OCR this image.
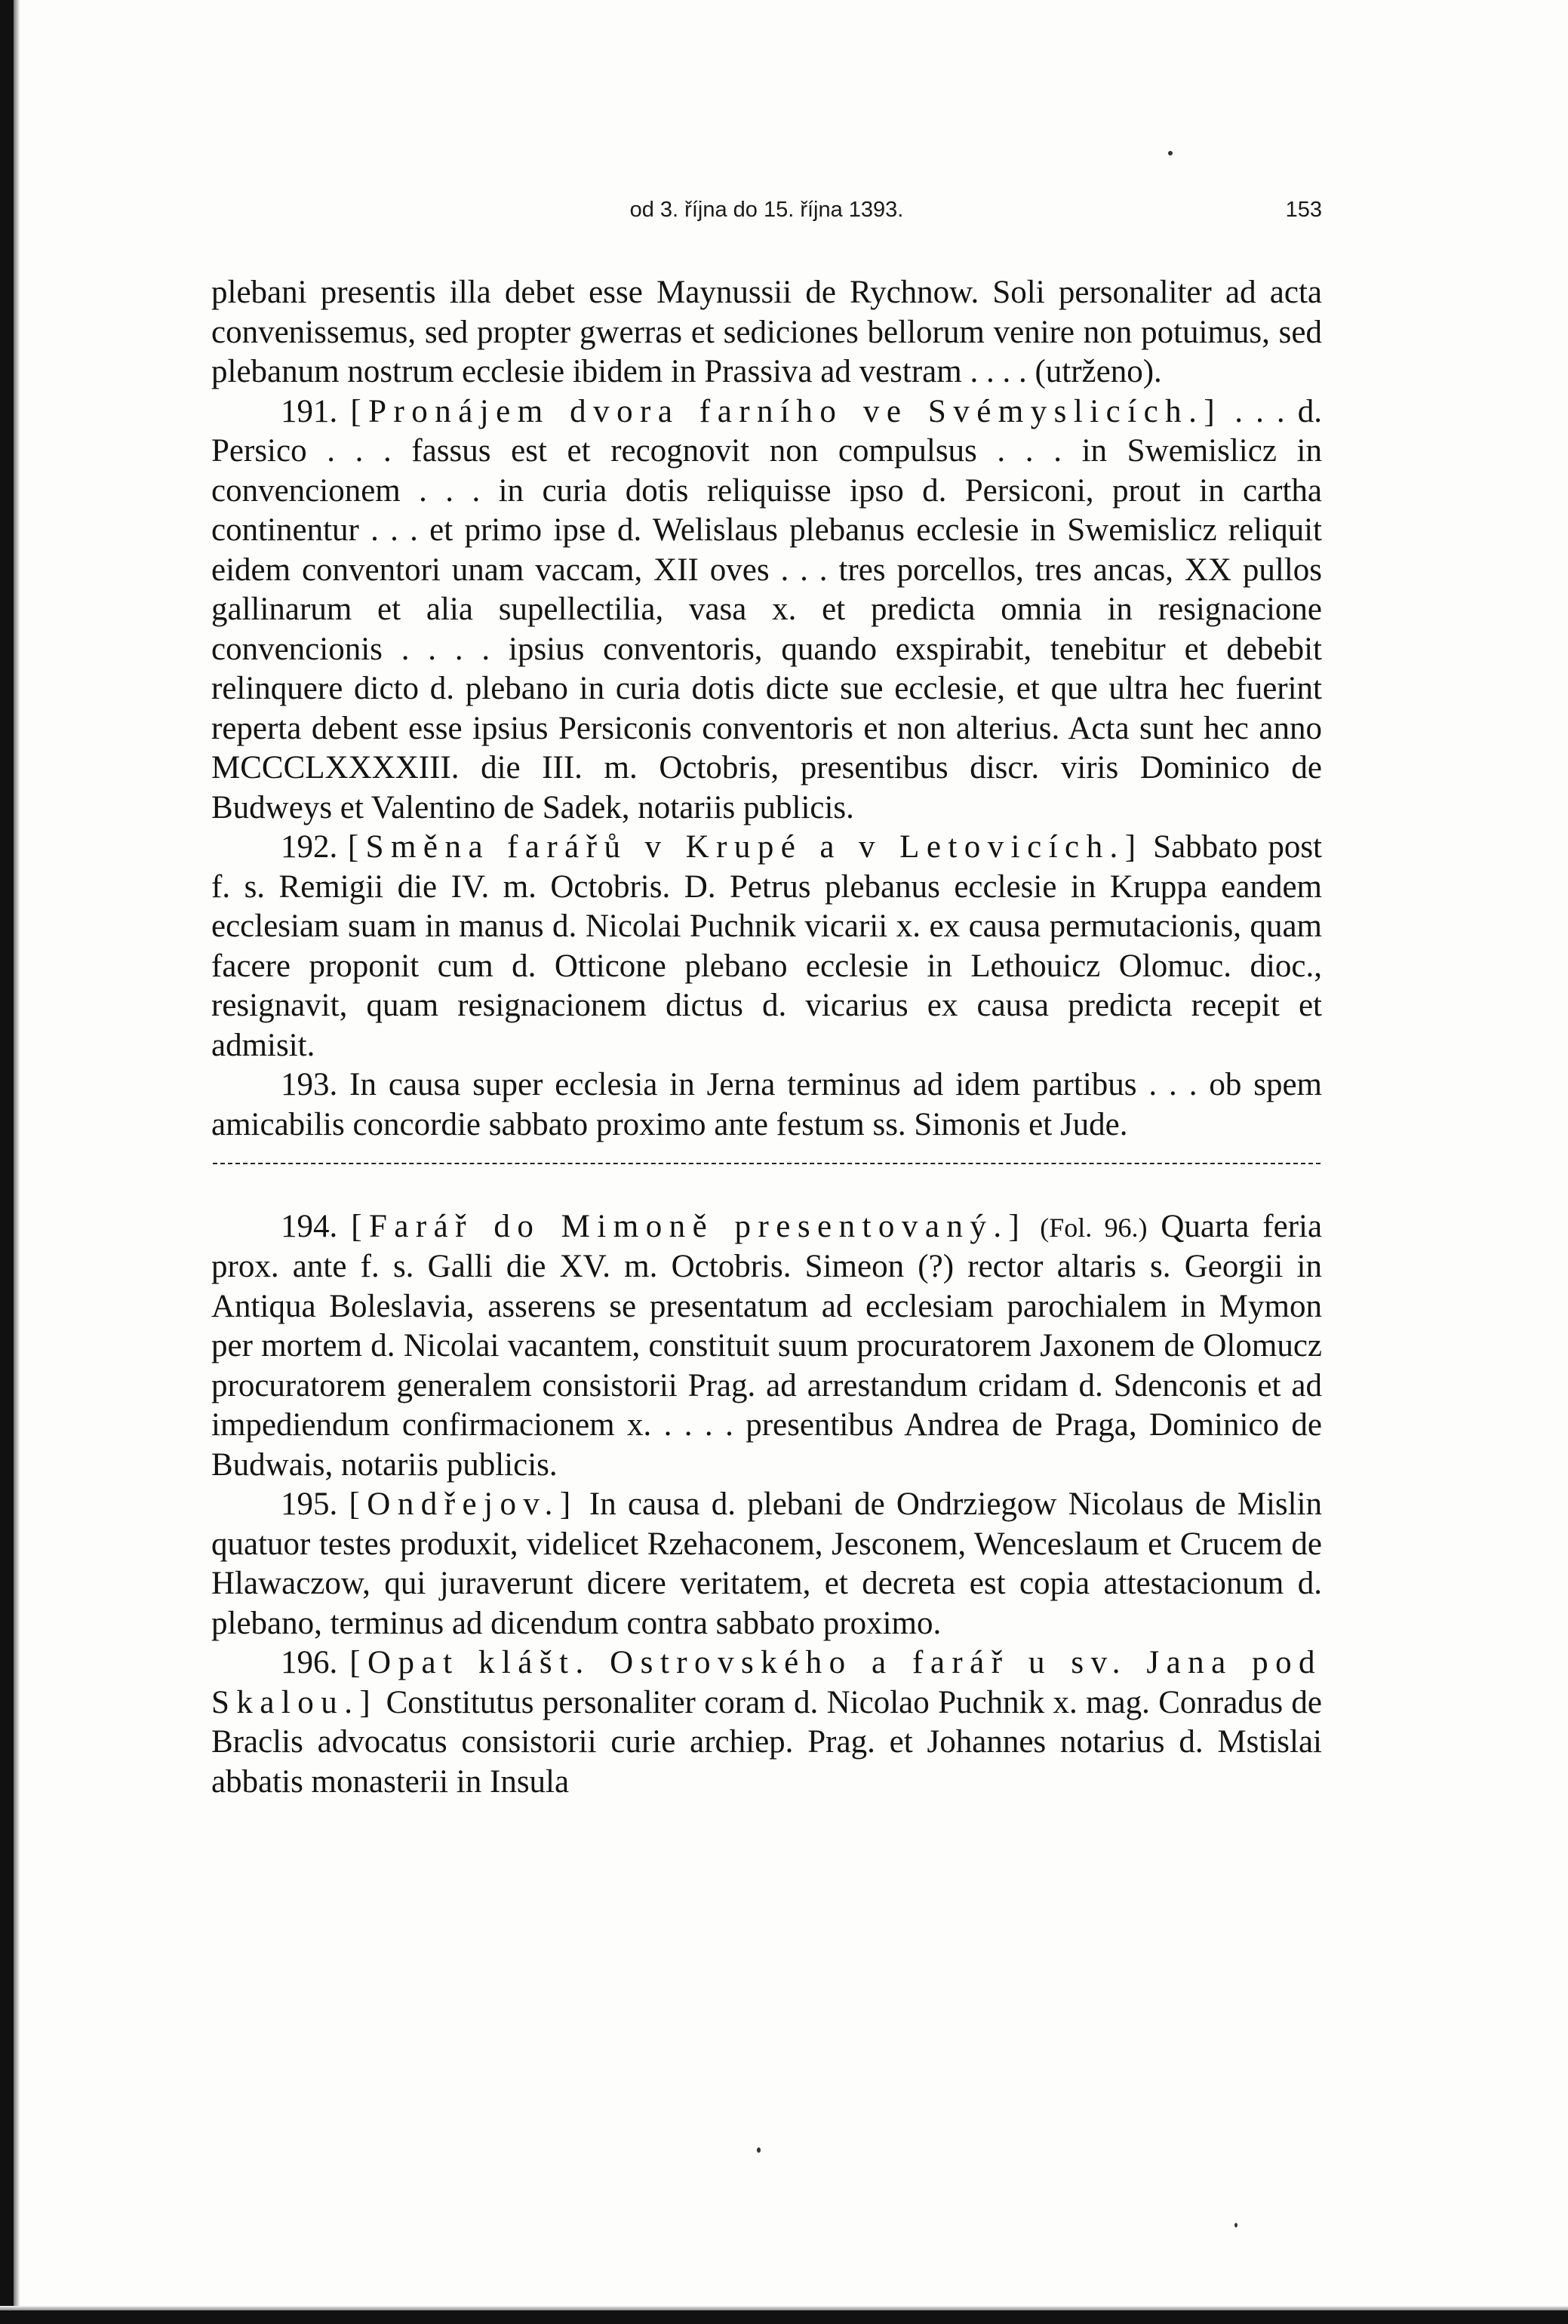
od 3. října do 15. října 1393.	153

plebani presentis illa debet esse Maynussii de Rychnow. Soli personaliter ad acta convenissemus, sed propter gwerras et sediciones bellorum venire non potuimus, sed plebanum nostrum ecclesie ibidem in Prassiva ad vestram . . . . (utrženo).

191. [Pronájem dvora farního ve Svémyslicích.] . . . d. Persico . . . fassus est et recognovit non compulsus . . . in Swemislicz in convencionem . . . in curia dotis reliquisse ipso d. Persiconi, prout in cartha continentur . . . et primo ipse d. Welislaus plebanus ecclesie in Swemislicz reliquit eidem conventori unam vaccam, XII oves . . . tres porcellos, tres ancas, XX pullos gallinarum et alia supellectilia, vasa x. et predicta omnia in resignacione convencionis . . . . ipsius conventoris, quando exspirabit, tenebitur et debebit relinquere dicto d. plebano in curia dotis dicte sue ecclesie, et que ultra hec fuerint reperta debent esse ipsius Persiconis conventoris et non alterius. Acta sunt hec anno MCCCLXXXXIII. die III. m. Octobris, presentibus discr. viris Dominico de Budweys et Valentino de Sadek, notariis publicis.

192. [Směna farářů v Krupé a v Letovicích.] Sabbato post f. s. Remigii die IV. m. Octobris. D. Petrus plebanus ecclesie in Kruppa eandem ecclesiam suam in manus d. Nicolai Puchnik vicarii x. ex causa permutacionis, quam facere proponit cum d. Otticone plebano ecclesie in Lethouicz Olomuc. dioc., resignavit, quam resignacionem dictus d. vicarius ex causa predicta recepit et admisit.

193. In causa super ecclesia in Jerna terminus ad idem partibus . . . ob spem amicabilis concordie sabbato proximo ante festum ss. Simonis et Jude.

194. [Farář do Mimoně presentovaný.] (Fol. 96.) Quarta feria prox. ante f. s. Galli die XV. m. Octobris. Simeon (?) rector altaris s. Georgii in Antiqua Boleslavia, asserens se presentatum ad ecclesiam parochialem in Mymon per mortem d. Nicolai vacantem, constituit suum procuratorem Jaxonem de Olomucz procuratorem generalem consistorii Prag. ad arrestandum cridam d. Sdenconis et ad impediendum confirmacionem x. . . . . presentibus Andrea de Praga, Dominico de Budwais, notariis publicis.

195. [Ondřejov.] In causa d. plebani de Ondrziegow Nicolaus de Mislin quatuor testes produxit, videlicet Rzehaconem, Jesconem, Wenceslaum et Crucem de Hlawaczow, qui juraverunt dicere veritatem, et decreta est copia attestacionum d. plebano, terminus ad dicendum contra sabbato proximo.

196. [Opat klášt. Ostrovského a farář u sv. Jana pod Skalou.] Constitutus personaliter coram d. Nicolao Puchnik x. mag. Conradus de Braclis advocatus consistorii curie archiep. Prag. et Johannes notarius d. Mstislai abbatis monasterii in Insula
